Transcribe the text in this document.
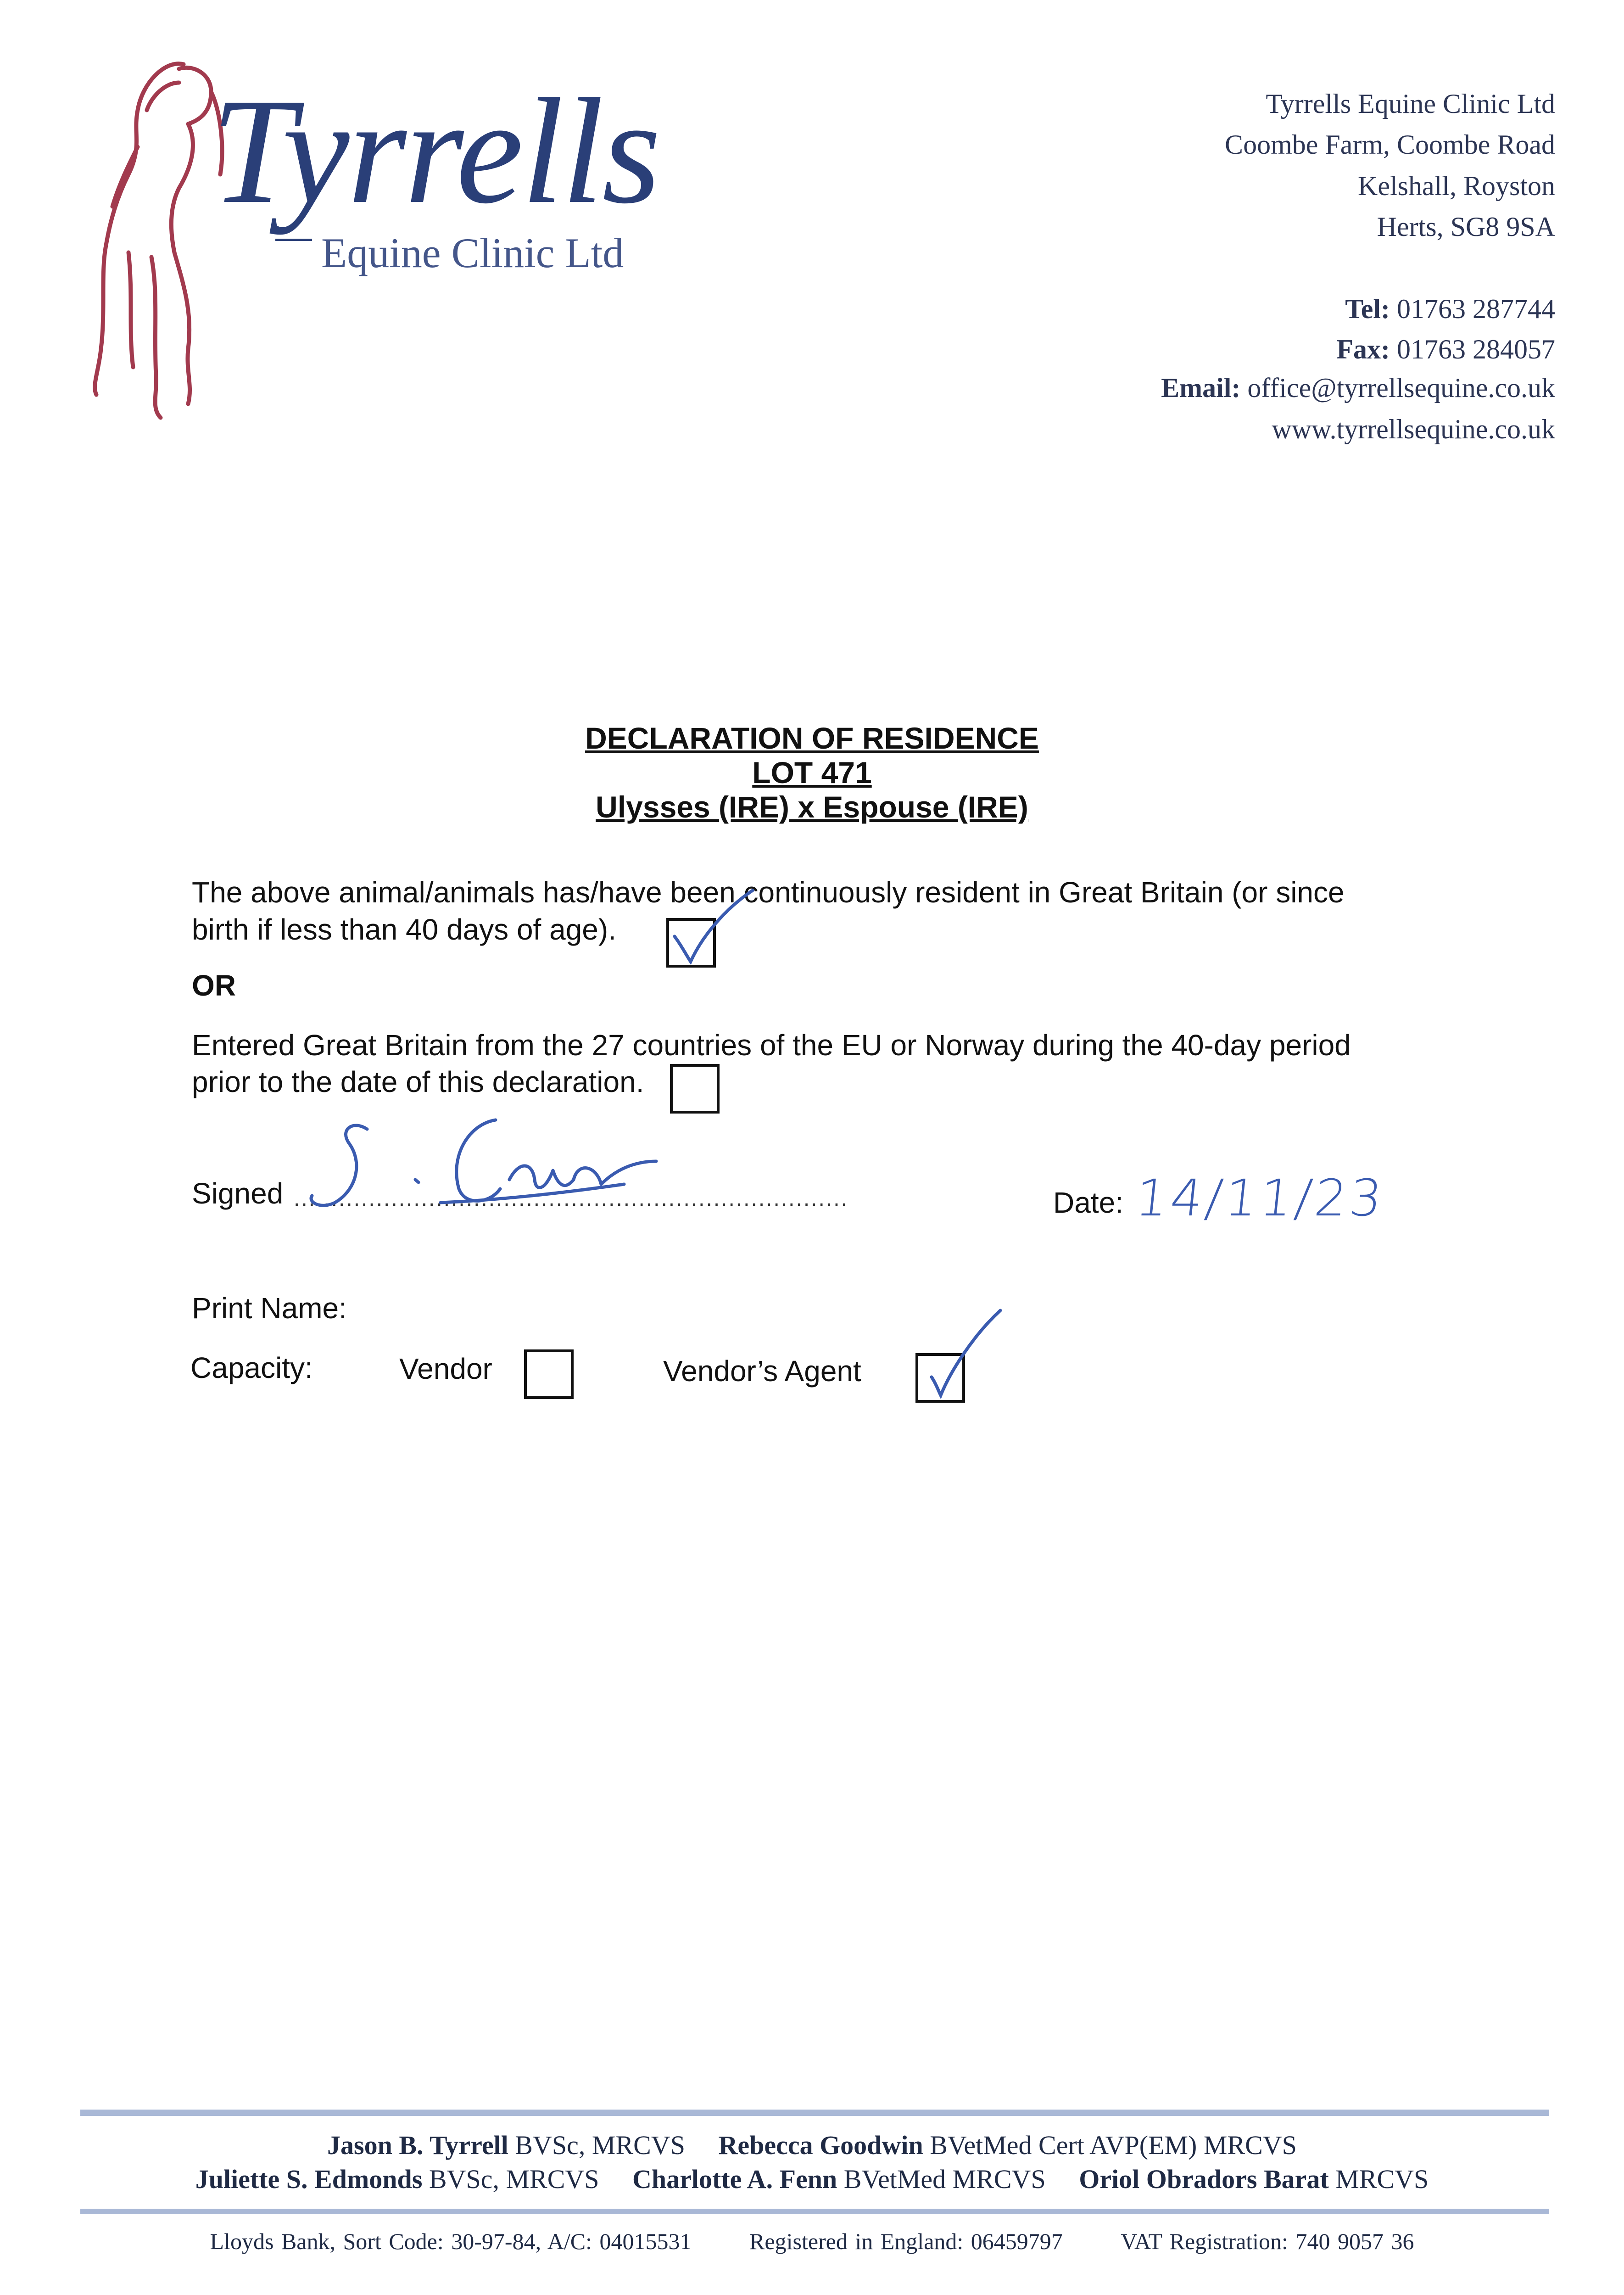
Tyrrells
Equine Clinic Ltd
Tyrrells Equine Clinic Ltd
Coombe Farm, Coombe Road
Kelshall, Royston
Herts, SG8 9SA
Tel: 01763 287744
Fax: 01763 284057
Email: office@tyrrellsequine.co.uk
www.tyrrellsequine.co.uk
DECLARATION OF RESIDENCE
LOT 471
Ulysses (IRE) x Espouse (IRE)
The above animal/animals has/have been continuously resident in Great Britain (or since
birth if less than 40 days of age).
OR
Entered Great Britain from the 27 countries of the EU or Norway during the 40-day period
prior to the date of this declaration.
Signed ..........................................................................	Date: 14/11/23
Print Name:
Capacity:	Vendor	Vendor’s Agent
Jason B. Tyrrell BVSc, MRCVS Rebecca Goodwin BVetMed Cert AVP(EM) MRCVS
Juliette S. Edmonds BVSc, MRCVS Charlotte A. Fenn BVetMed MRCVS Oriol Obradors Barat MRCVS
Lloyds Bank, Sort Code: 30-97-84, A/C: 04015531	Registered in England: 06459797	VAT Registration: 740 9057 36
